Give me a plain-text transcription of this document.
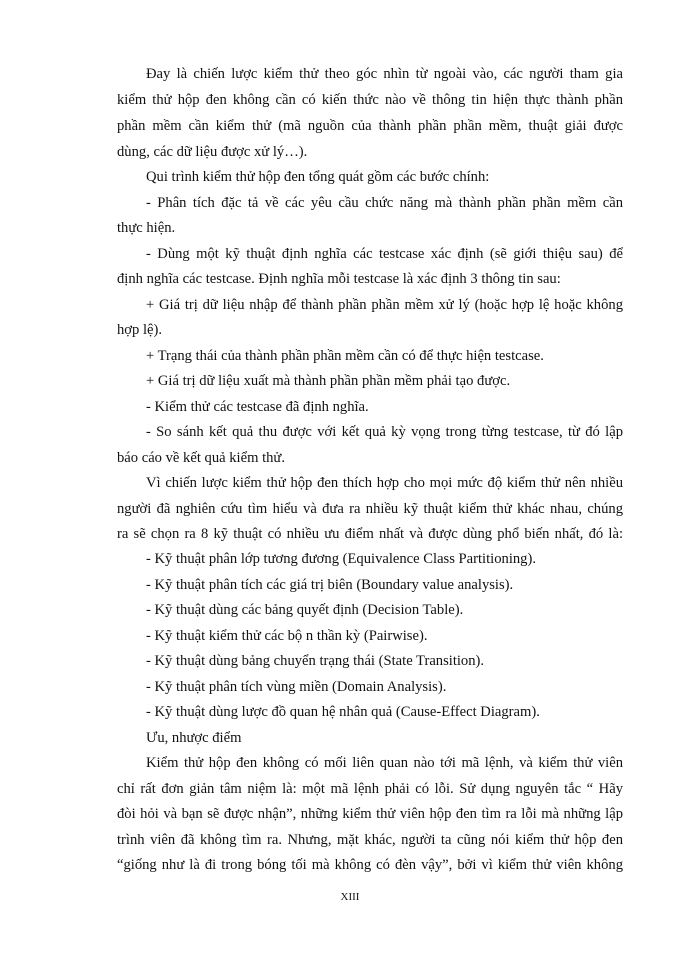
Đay là chiến lược kiểm thử theo góc nhìn từ ngoài vào, các người tham gia
kiểm thử hộp đen không cần có kiến thức nào về thông tin hiện thực thành phần
phần mềm cần kiểm thử (mã nguồn của thành phần phần mềm, thuật giải được
dùng, các dữ liệu được xử lý…).
Qui trình kiểm thử hộp đen tổng quát gồm các bước chính:
- Phân tích đặc tả về các yêu cầu chức năng mà thành phần phần mềm cần
thực hiện.
- Dùng một kỹ thuật định nghĩa các testcase xác định (sẽ giới thiệu sau) để
định nghĩa các testcase. Định nghĩa mỗi testcase là xác định 3 thông tin sau:
+ Giá trị dữ liệu nhập để thành phần phần mềm xử lý (hoặc hợp lệ hoặc không
hợp lệ).
+ Trạng thái của thành phần phần mềm cần có để thực hiện testcase.
+ Giá trị dữ liệu xuất mà thành phần phần mềm phải tạo được.
- Kiểm thử các testcase đã định nghĩa.
- So sánh kết quả thu được với kết quả kỳ vọng trong từng testcase, từ đó lập
báo cáo về kết quả kiểm thử.
Vì chiến lược kiểm thử hộp đen thích hợp cho mọi mức độ kiểm thử nên nhiều
người đã nghiên cứu tìm hiểu và đưa ra nhiều kỹ thuật kiểm thử khác nhau, chúng
ra sẽ chọn ra 8 kỹ thuật có nhiều ưu điểm nhất và được dùng phổ biến nhất, đó là:
- Kỹ thuật phân lớp tương đương (Equivalence Class Partitioning).
- Kỹ thuật phân tích các giá trị biên (Boundary value analysis).
- Kỹ thuật dùng các bảng quyết định (Decision Table).
- Kỹ thuật kiểm thử các bộ n thần kỳ (Pairwise).
- Kỹ thuật dùng bảng chuyển trạng thái (State Transition).
- Kỹ thuật phân tích vùng miền (Domain Analysis).
- Kỹ thuật dùng lược đồ quan hệ nhân quả (Cause-Effect Diagram).
Ưu, nhược điểm
Kiểm thử hộp đen không có mối liên quan nào tới mã lệnh, và kiểm thử viên
chỉ rất đơn giản tâm niệm là: một mã lệnh phải có lỗi. Sử dụng nguyên tắc “ Hãy
đòi hỏi và bạn sẽ được nhận”, những kiểm thử viên hộp đen tìm ra lỗi mà những lập
trình viên đã không tìm ra. Nhưng, mặt khác, người ta cũng nói kiểm thử hộp đen
“giống như là đi trong bóng tối mà không có đèn vậy”, bởi vì kiểm thử viên không
XIII
